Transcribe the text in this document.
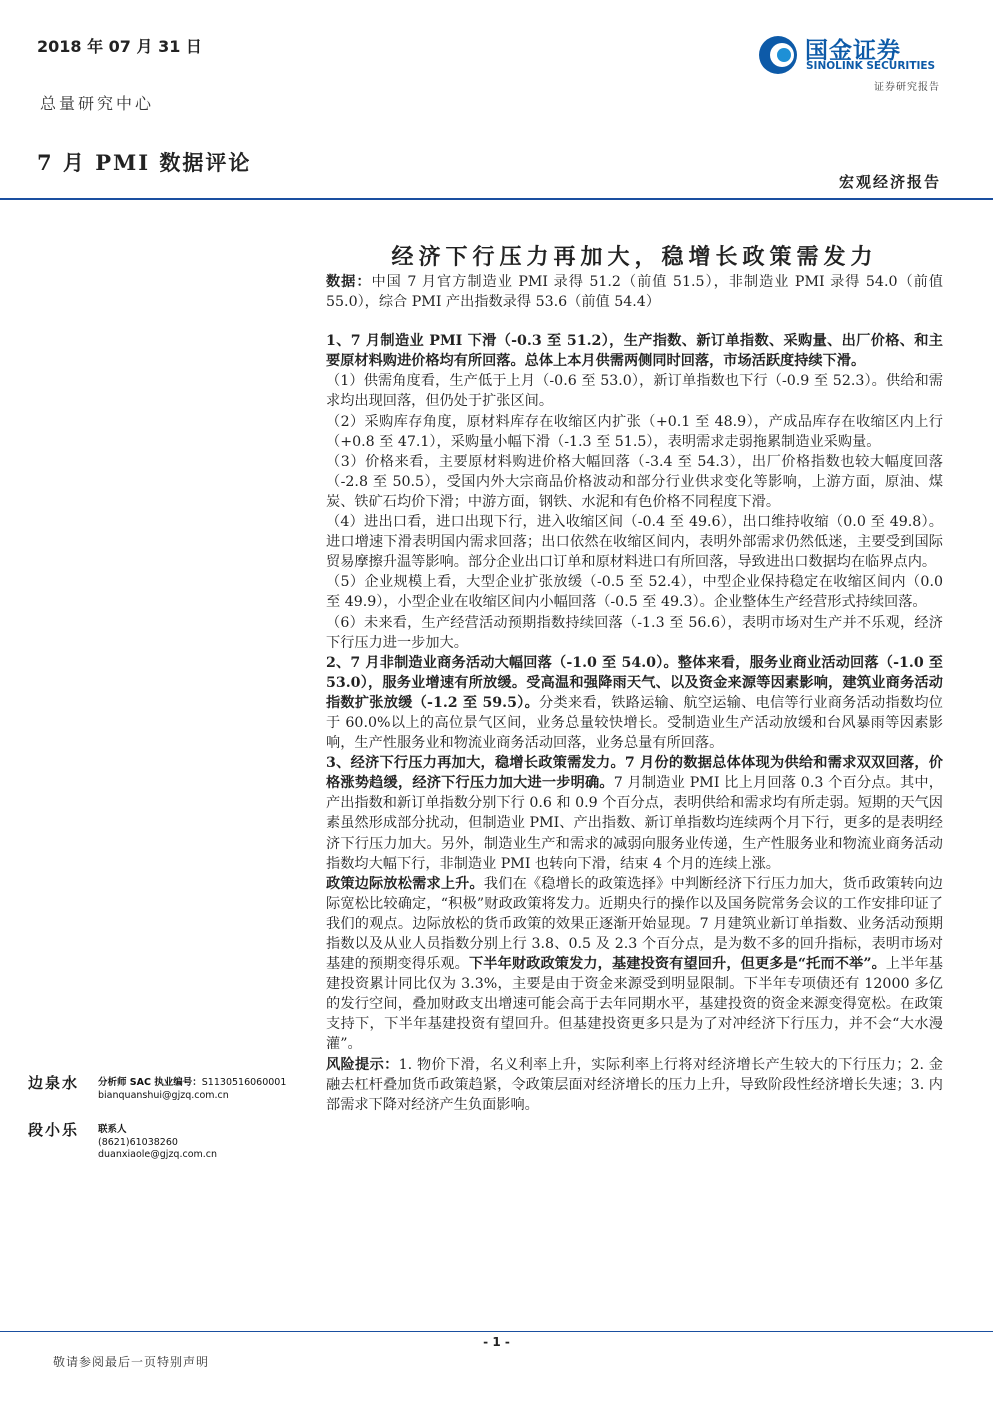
2018 年 07 月 31 日
总量研究中心
7 月 PMI 数据评论
国金证券
SINOLINK SECURITIES
证券研究报告
宏观经济报告
经济下行压力再加大，稳增长政策需发力

数据：中国 7 月官方制造业 PMI 录得 51.2（前值 51.5），非制造业 PMI 录得 54.0（前值 55.0），综合 PMI 产出指数录得 53.6（前值 54.4）

1、7 月制造业 PMI 下滑（-0.3 至 51.2），生产指数、新订单指数、采购量、出厂价格、和主要原材料购进价格均有所回落。总体上本月供需两侧同时回落，市场活跃度持续下滑。

（1）供需角度看，生产低于上月（-0.6 至 53.0），新订单指数也下行（-0.9 至 52.3）。供给和需求均出现回落，但仍处于扩张区间。

（2）采购库存角度，原材料库存在收缩区内扩张（+0.1 至 48.9），产成品库存在收缩区内上行（+0.8 至 47.1），采购量小幅下滑（-1.3 至 51.5），表明需求走弱拖累制造业采购量。

（3）价格来看，主要原材料购进价格大幅回落（-3.4 至 54.3），出厂价格指数也较大幅度回落（-2.8 至 50.5），受国内外大宗商品价格波动和部分行业供求变化等影响，上游方面，原油、煤炭、铁矿石均价下滑；中游方面，钢铁、水泥和有色价格不同程度下滑。

（4）进出口看，进口出现下行，进入收缩区间（-0.4 至 49.6），出口维持收缩（0.0 至 49.8）。进口增速下滑表明国内需求回落；出口依然在收缩区间内，表明外部需求仍然低迷，主要受到国际贸易摩擦升温等影响。部分企业出口订单和原材料进口有所回落，导致进出口数据均在临界点内。

（5）企业规模上看，大型企业扩张放缓（-0.5 至 52.4），中型企业保持稳定在收缩区间内（0.0 至 49.9），小型企业在收缩区间内小幅回落（-0.5 至 49.3）。企业整体生产经营形式持续回落。

（6）未来看，生产经营活动预期指数持续回落（-1.3 至 56.6），表明市场对生产并不乐观，经济下行压力进一步加大。

2、7 月非制造业商务活动大幅回落（-1.0 至 54.0）。整体来看，服务业商业活动回落（-1.0 至 53.0），服务业增速有所放缓。受高温和强降雨天气、以及资金来源等因素影响，建筑业商务活动指数扩张放缓（-1.2 至 59.5）。分类来看，铁路运输、航空运输、电信等行业商务活动指数均位于 60.0%以上的高位景气区间，业务总量较快增长。受制造业生产活动放缓和台风暴雨等因素影响，生产性服务业和物流业商务活动回落，业务总量有所回落。

3、经济下行压力再加大，稳增长政策需发力。7 月份的数据总体体现为供给和需求双双回落，价格涨势趋缓，经济下行压力加大进一步明确。7 月制造业 PMI 比上月回落 0.3 个百分点。其中，产出指数和新订单指数分别下行 0.6 和 0.9 个百分点，表明供给和需求均有所走弱。短期的天气因素虽然形成部分扰动，但制造业 PMI、产出指数、新订单指数均连续两个月下行，更多的是表明经济下行压力加大。另外，制造业生产和需求的减弱向服务业传递，生产性服务业和物流业商务活动指数均大幅下行，非制造业 PMI 也转向下滑，结束 4 个月的连续上涨。

政策边际放松需求上升。我们在《稳增长的政策选择》中判断经济下行压力加大，货币政策转向边际宽松比较确定，“积极”财政政策将发力。近期央行的操作以及国务院常务会议的工作安排印证了我们的观点。边际放松的货币政策的效果正逐渐开始显现。7 月建筑业新订单指数、业务活动预期指数以及从业人员指数分别上行 3.8、0.5 及 2.3 个百分点，是为数不多的回升指标，表明市场对基建的预期变得乐观。下半年财政政策发力，基建投资有望回升，但更多是“托而不举”。上半年基建投资累计同比仅为 3.3%，主要是由于资金来源受到明显限制。下半年专项债还有 12000 多亿的发行空间，叠加财政支出增速可能会高于去年同期水平，基建投资的资金来源变得宽松。在政策支持下，下半年基建投资有望回升。但基建投资更多只是为了对冲经济下行压力，并不会“大水漫灌”。

风险提示：1. 物价下滑，名义利率上升，实际利率上行将对经济增长产生较大的下行压力；2. 金融去杠杆叠加货币政策趋紧，令政策层面对经济增长的压力上升，导致阶段性经济增长失速；3. 内部需求下降对经济产生负面影响。

边泉水 分析师 SAC 执业编号：S1130516060001
bianquanshui@gjzq.com.cn
段小乐 联系人
(8621)61038260
duanxiaole@gjzq.com.cn
- 1 -
敬请参阅最后一页特别声明
